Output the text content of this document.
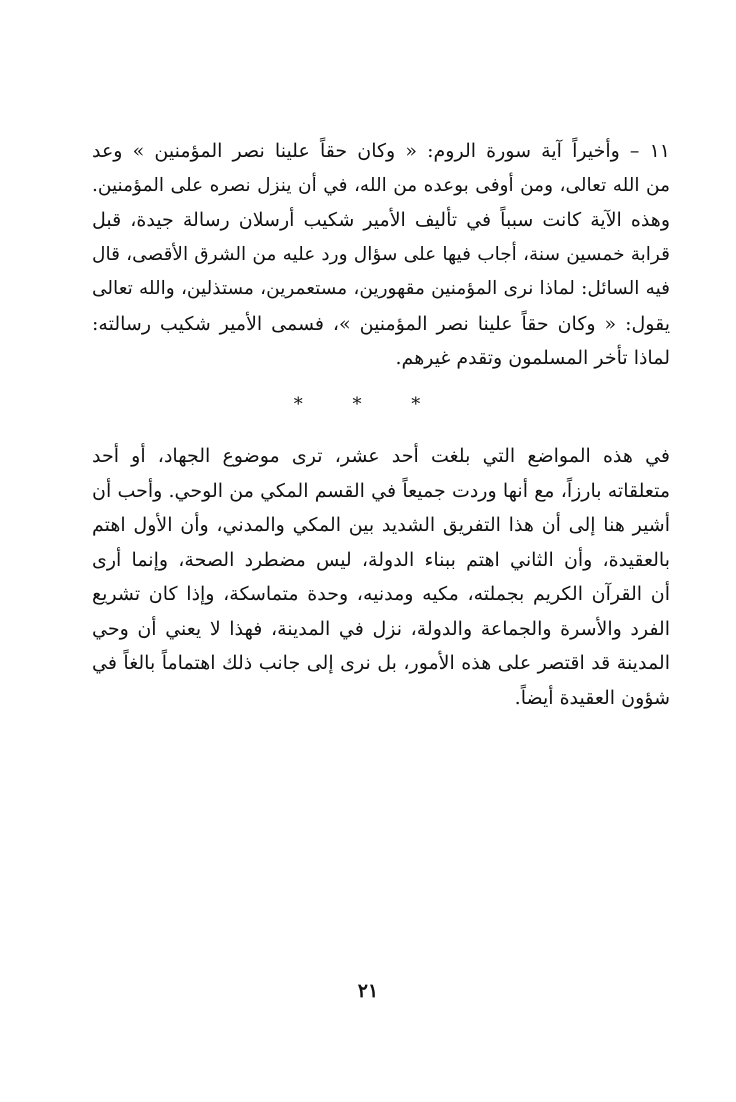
١١ – وأخيراً آية سورة الروم: « وكان حقاً علينا نصر المؤمنين » وعد
من الله تعالى، ومن أوفى بوعده من الله، في أن ينزل نصره على المؤمنين.
وهذه الآية كانت سبباً في تأليف الأمير شكيب أرسلان رسالة جيدة، قبل
قرابة خمسين سنة، أجاب فيها على سؤال ورد عليه من الشرق الأقصى، قال
فيه السائل: لماذا نرى المؤمنين مقهورين، مستعمرين، مستذلين، والله تعالى
يقول: « وكان حقاً علينا نصر المؤمنين »، فسمى الأمير شكيب رسالته:
لماذا تأخر المسلمون وتقدم غيرهم.
* * *
في هذه المواضع التي بلغت أحد عشر، ترى موضوع الجهاد، أو أحد
متعلقاته بارزاً، مع أنها وردت جميعاً في القسم المكي من الوحي. وأحب أن
أشير هنا إلى أن هذا التفريق الشديد بين المكي والمدني، وأن الأول اهتم
بالعقيدة، وأن الثاني اهتم ببناء الدولة، ليس مضطرد الصحة، وإنما أرى
أن القرآن الكريم بجملته، مكيه ومدنيه، وحدة متماسكة، وإذا كان تشريع
الفرد والأسرة والجماعة والدولة، نزل في المدينة، فهذا لا يعني أن وحي
المدينة قد اقتصر على هذه الأمور، بل نرى إلى جانب ذلك اهتماماً بالغاً في
شؤون العقيدة أيضاً.
٢١
